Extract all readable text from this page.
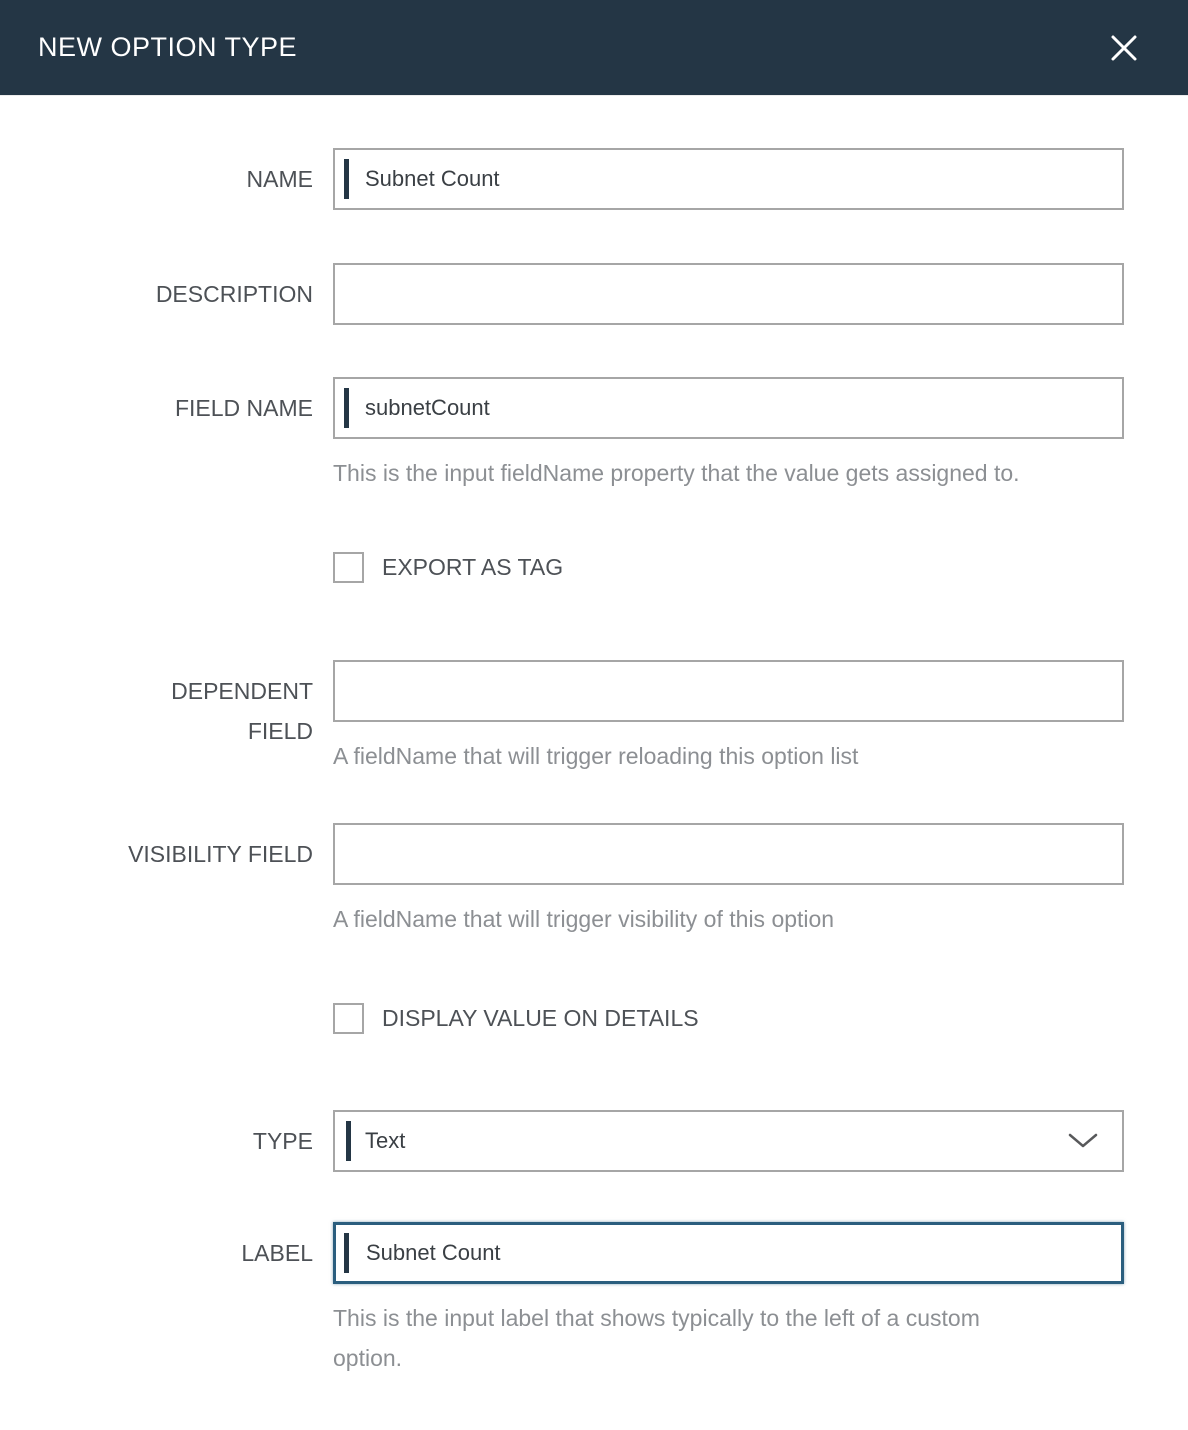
NEW OPTION TYPE
NAME
Subnet Count
DESCRIPTION
FIELD NAME
subnetCount

This is the input fieldName property that the value gets assigned to.

EXPORT AS TAG
DEPENDENT FIELD

A fieldName that will trigger reloading this option list

VISIBILITY FIELD

A fieldName that will trigger visibility of this option

DISPLAY VALUE ON DETAILS
TYPE Text
LABEL
Subnet Count

This is the input label that shows typically to the left of a custom option.
